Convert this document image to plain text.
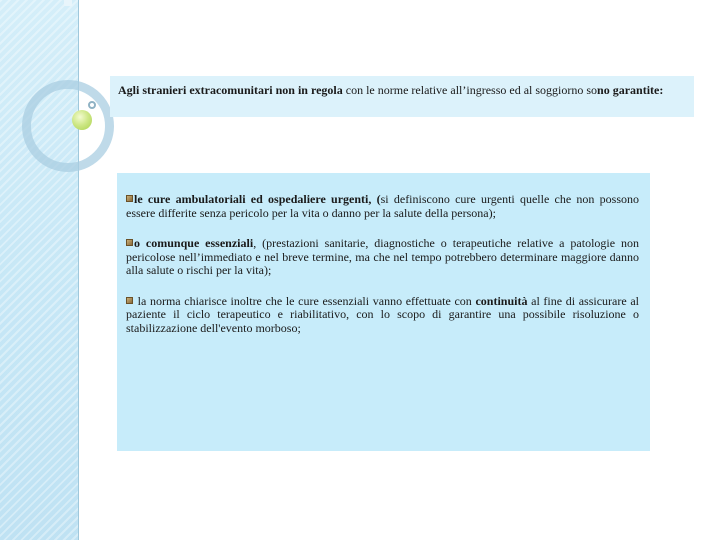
Agli stranieri extracomunitari non in regola con le norme relative all’ingresso ed al soggiorno sono garantite:

le cure ambulatoriali ed ospedaliere urgenti, (si definiscono cure urgenti quelle che non possono essere differite senza pericolo per la vita o danno per la salute della persona);

o comunque essenziali, (prestazioni sanitarie, diagnostiche o terapeutiche relative a patologie non pericolose nell’immediato e nel breve termine, ma che nel tempo potrebbero determinare maggiore danno alla salute o rischi per la vita);

la norma chiarisce inoltre che le cure essenziali vanno effettuate con continuità al fine di assicurare al paziente il ciclo terapeutico e riabilitativo, con lo scopo di garantire una possibile risoluzione o stabilizzazione dell'evento morboso;
